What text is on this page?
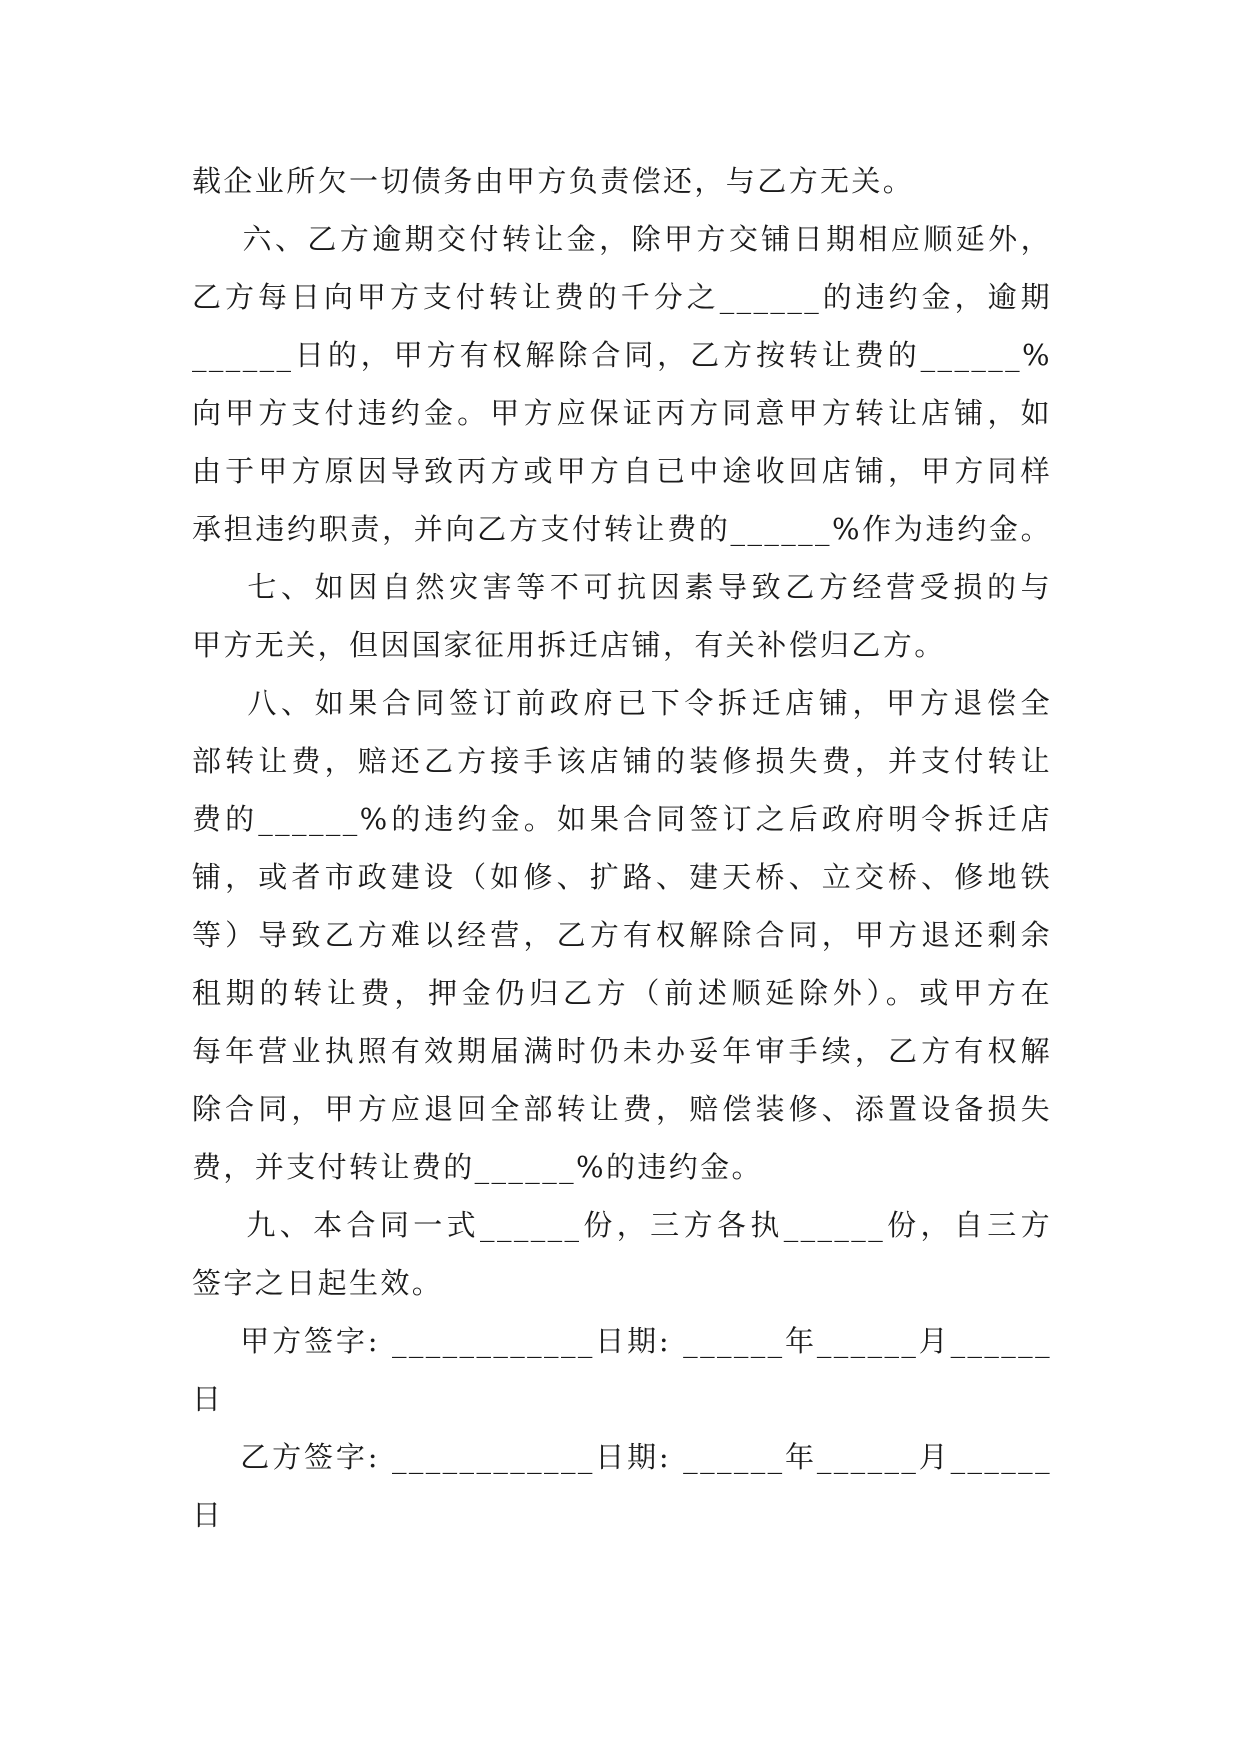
载企业所欠一切债务由甲方负责偿还，与乙方无关。
六、乙方逾期交付转让金，除甲方交铺日期相应顺延外，
乙方每日向甲方支付转让费的千分之______的违约金，逾期
______日的，甲方有权解除合同，乙方按转让费的______%
向甲方支付违约金。甲方应保证丙方同意甲方转让店铺，如
由于甲方原因导致丙方或甲方自已中途收回店铺，甲方同样
承担违约职责，并向乙方支付转让费的______%作为违约金。
七、如因自然灾害等不可抗因素导致乙方经营受损的与
甲方无关，但因国家征用拆迁店铺，有关补偿归乙方。
八、如果合同签订前政府已下令拆迁店铺，甲方退偿全
部转让费，赔还乙方接手该店铺的装修损失费，并支付转让
费的______%的违约金。如果合同签订之后政府明令拆迁店
铺，或者市政建设（如修、扩路、建天桥、立交桥、修地铁
等）导致乙方难以经营，乙方有权解除合同，甲方退还剩余
租期的转让费，押金仍归乙方（前述顺延除外）。或甲方在
每年营业执照有效期届满时仍未办妥年审手续，乙方有权解
除合同，甲方应退回全部转让费，赔偿装修、添置设备损失
费，并支付转让费的______%的违约金。
九、本合同一式______份，三方各执______份，自三方
签字之日起生效。
甲方签字: ____________日期: ______年______月______
日
乙方签字: ____________日期: ______年______月______
日
